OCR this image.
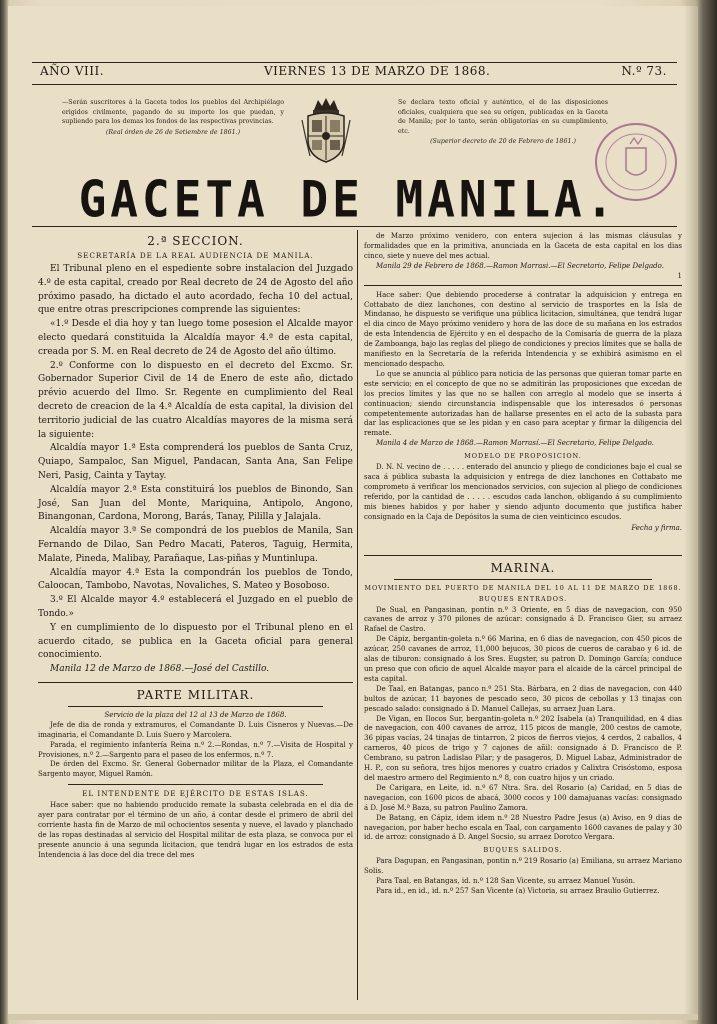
AÑO VIII.	VIERNES 13 DE MARZO DE 1868.	N.º 73.
—Serán suscritores á la Gaceta todos los pueblos del Archipiélago erigidos civilmente, pagando de su importe los que puedan, y supliendo para los demas los fondos de las respectivas provincias.
(Real órden de 26 de Setiembre de 1861.)
Se declara texto oficial y auténtico, el de las disposiciones oficiales, cualquiera que sea su orígen, publicadas en la Gaceta de Manila; por lo tanto, serán obligatorias en su cumplimiento, etc.
(Superior decreto de 20 de Febrero de 1861.)
GACETA DE MANILA.
2.ª SECCION.
SECRETARÍA DE LA REAL AUDIENCIA DE MANILA.

El Tribunal pleno en el espediente sobre instalacion del Juzgado 4.º de esta capital, creado por Real decreto de 24 de Agosto del año próximo pasado, ha dictado el auto acordado, fecha 10 del actual, que entre otras prescripciones comprende las siguientes:

«1.º Desde el dia hoy y tan luego tome posesion el Alcalde mayor electo quedará constituida la Alcaldía mayor 4.ª de esta capital, creada por S. M. en Real decreto de 24 de Agosto del año último.

2.º Conforme con lo dispuesto en el decreto del Excmo. Sr. Gobernador Superior Civil de 14 de Enero de este año, dictado prévio acuerdo del Ilmo. Sr. Regente en cumplimiento del Real decreto de creacion de la 4.ª Alcaldía de esta capital, la division del territorio judicial de las cuatro Alcaldías mayores de la misma será la siguiente:

Alcaldía mayor 1.ª Esta comprenderá los pueblos de Santa Cruz, Quiapo, Sampaloc, San Miguel, Pandacan, Santa Ana, San Felipe Neri, Pasig, Cainta y Taytay.

Alcaldía mayor 2.ª Esta constituirá los pueblos de Binondo, San José, San Juan del Monte, Mariquina, Antipolo, Angono, Binangonan, Cardona, Morong, Barás, Tanay, Pililla y Jalajala.

Alcaldía mayor 3.ª Se compondrá de los pueblos de Manila, San Fernando de Dilao, San Pedro Macati, Pateros, Taguig, Hermita, Malate, Pineda, Malibay, Parañaque, Las-piñas y Muntinlupa.

Alcaldía mayor 4.ª Esta la compondrán los pueblos de Tondo, Caloocan, Tambobo, Navotas, Novaliches, S. Mateo y Bosoboso.

3.º El Alcalde mayor 4.º establecerá el Juzgado en el pueblo de Tondo.»

Y en cumplimiento de lo dispuesto por el Tribunal pleno en el acuerdo citado, se publica en la Gaceta oficial para general conocimiento.

Manila 12 de Marzo de 1868.—José del Castillo.

PARTE MILITAR.

Servicio de la plaza del 12 al 13 de Marzo de 1868.

Jefe de dia de ronda y extramuros, el Comandante D. Luis Cisneros y Nuevas.—De imaginaria, el Comandante D. Luis Suero y Marcolera.

Parada, el regimiento infantería Reina n.º 2.—Rondas, n.º 7.—Visita de Hospital y Provisiones, n.º 2.—Sargento para el paseo de los enfermos, n.º 7.

De órden del Excmo. Sr. General Gobernador militar de la Plaza, el Comandante Sargento mayor, Miguel Ramón.

EL INTENDENTE DE EJÉRCITO DE ESTAS ISLAS.

Hace saber: que no habiendo producido remate la subasta celebrada en el dia de ayer para contratar por el término de un año, á contar desde el primero de abril del corriente hasta fin de Marzo de mil ochocientos sesenta y nueve, el lavado y planchado de las ropas destinadas al servicio del Hospital militar de esta plaza, se convoca por el presente anuncio á una segunda licitacion, que tendrá lugar en los estrados de esta Intendencia á las doce del dia trece del mes

de Marzo próximo venidero, con entera sujecion á las mismas cláusulas y formalidades que en la primitiva, anunciada en la Gaceta de esta capital en los dias cinco, siete y nueve del mes actual.

Manila 29 de Febrero de 1868.—Ramon Marrasi.—El Secretario, Felipe Delgado.

1

Hace saber: Que debiendo procederse á contratar la adquisicion y entrega en Cottabato de diez lanchones, con destino al servicio de trasportes en la Isla de Mindanao, he dispuesto se verifique una pública licitacion, simultánea, que tendrá lugar el dia cinco de Mayo próximo venidero y hora de las doce de su mañana en los estrados de esta Intendencia de Ejército y en el despacho de la Comisaría de guerra de la plaza de Zamboanga, bajo las reglas del pliego de condiciones y precios límites que se halla de manifiesto en la Secretaría de la referida Intendencia y se exhibirá asimismo en el mencionado despacho.

Lo que se anuncia al público para noticia de las personas que quieran tomar parte en este servicio; en el concepto de que no se admitirán las proposiciones que excedan de los precios límites y las que no se hallen con arreglo al modelo que se inserta á continuacion; siendo circunstancia indispensable que los interesados ó personas competentemente autorizadas han de hallarse presentes en el acto de la subasta para dar las esplicaciones que se les pidan y en caso para aceptar y firmar la diligencia del remate.

Manila 4 de Marzo de 1868.—Ramon Marrasí.—El Secretario, Felipe Delgado.

MODELO DE PROPOSICION.

D. N. N. vecino de . . . . . enterado del anuncio y pliego de condiciones bajo el cual se saca á pública subasta la adquisicion y entrega de diez lanchones en Cottabato me comprometo á verificar los mencionados servicios, con sujecion al pliego de condiciones referido, por la cantidad de . . . . . escudos cada lanchon, obligando á su cumplimiento mis bienes habidos y por haber y siendo adjunto documento que justifica haber consignado en la Caja de Depósitos la suma de cien veinticinco escudos.

Fecha y firma.
MARINA.
MOVIMIENTO DEL PUERTO DE MANILA DEL 10 AL 11 DE MARZO DE 1868.
BUQUES ENTRADOS.

De Sual, en Pangasinan, pontin n.º 3 Oriente, en 5 dias de navegacion, con 950 cavanes de arroz y 370 pilones de azúcar: consignado á D. Francisco Gier, su arraez Rafael de Castro.

De Cápiz, bergantin-goleta n.º 66 Marina, en 6 dias de navegacion, con 450 picos de azúcar, 250 cavanes de arroz, 11,000 bejucos, 30 picos de cueros de carabao y 6 id. de alas de tiburon: consignado á los Sres. Eugster, su patron D. Domingo García; conduce un preso que con oficio de aquel Alcalde mayor para el alcaide de la cárcel principal de esta capital.

De Taal, en Batangas, panco n.º 251 Sta. Bárbara, en 2 dias de navegacion, con 440 bultos de azúcar, 11 bayones de pescado seco, 30 picos de cebollas y 13 tinajas con pescado salado: consignado á D. Manuel Callejas, su arraez Juan Lara.

De Vigan, en Ilocos Sur, bergantin-goleta n.º 202 Isabela (a) Tranquilidad, en 4 dias de navegacion, con 400 cavanes de arroz, 115 picos de mangle, 200 cestos de camote, 36 pipas vacías, 24 tinajas de tintarron, 2 picos de fierros viejos, 4 cerdos, 2 caballos, 4 carneros, 40 picos de trigo y 7 cajones de añil: consignado á D. Francisco de P. Cembrano, su patron Ladislao Pilar; y de pasageros, D. Miguel Labaz, Administrador de H. P., con su señora, tres hijos menores y cuatro criados y Calixtra Crisóstomo, esposa del maestro armero del Regimiento n.º 8, con cuatro hijos y un criado.

De Carigara, en Leite, id. n.º 67 Ntra. Sra. del Rosario (a) Caridad, en 5 dias de navegacion, con 1600 picos de abacá, 3000 cocos y 100 damajuanas vacías: consignado á D. José M.ª Baza, su patron Paulino Zamora.

De Batang, en Cápiz, idem idem n.º 28 Nuestro Padre Jesus (a) Aviso, en 9 dias de navegacion, por haber hecho escala en Taal, con cargamento 1600 cavanes de palay y 30 id. de arroz: consignado á D. Angel Socsio, su arraez Dorotco Vergara.

BUQUES SALIDOS.

Para Dagupan, en Pangasinan, pontin n.º 219 Rosario (a) Emiliana, su arraez Mariano Solis.

Para Taal, en Batangas, id. n.º 128 San Vicente, su arraez Manuel Yusón.

Para id., en id., id. n.º 257 San Vicente (a) Victoria, su arraez Braulio Gutierrez.
